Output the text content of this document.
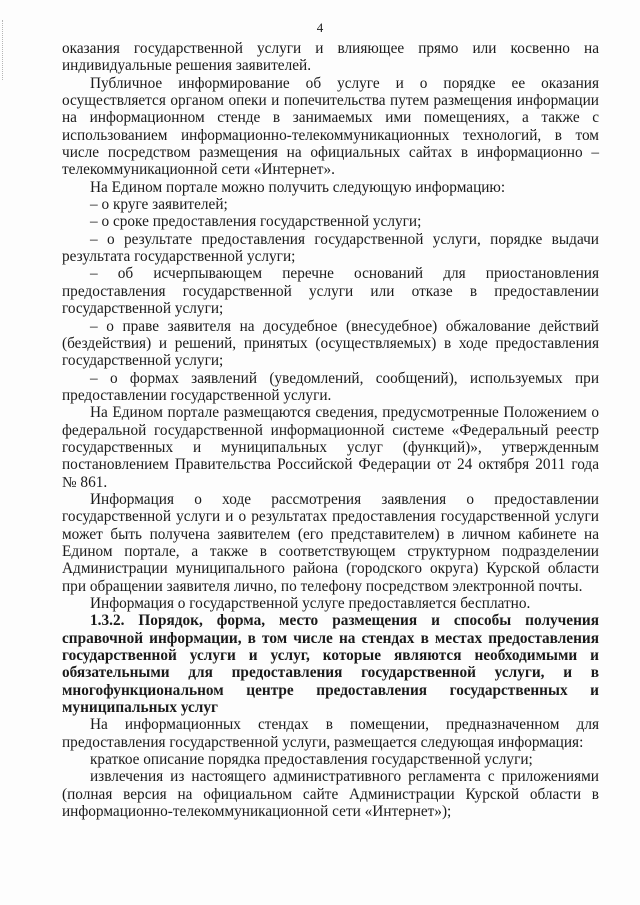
4

оказания государственной услуги и влияющее прямо или косвенно на индивидуальные решения заявителей.

Публичное информирование об услуге и о порядке ее оказания осуществляется органом опеки и попечительства путем размещения информации на информационном стенде в занимаемых ими помещениях, а также с использованием информационно-телекоммуникационных технологий, в том числе посредством размещения на официальных сайтах в информационно – телекоммуникационной сети «Интернет».

На Едином портале можно получить следующую информацию:

– о круге заявителей;

– о сроке предоставления государственной услуги;

– о результате предоставления государственной услуги, порядке выдачи результата государственной услуги;

– об исчерпывающем перечне оснований для приостановления предоставления государственной услуги или отказе в предоставлении государственной услуги;

– о праве заявителя на досудебное (внесудебное) обжалование действий (бездействия) и решений, принятых (осуществляемых) в ходе предоставления государственной услуги;

– о формах заявлений (уведомлений, сообщений), используемых при предоставлении государственной услуги.

На Едином портале размещаются сведения, предусмотренные Положением о федеральной государственной информационной системе «Федеральный реестр государственных и муниципальных услуг (функций)», утвержденным постановлением Правительства Российской Федерации от 24 октября 2011 года № 861.

Информация о ходе рассмотрения заявления о предоставлении государственной услуги и о результатах предоставления государственной услуги может быть получена заявителем (его представителем) в личном кабинете на Едином портале, а также в соответствующем структурном подразделении Администрации муниципального района (городского округа) Курской области при обращении заявителя лично, по телефону посредством электронной почты.

Информация о государственной услуге предоставляется бесплатно.

1.3.2. Порядок, форма, место размещения и способы получения справочной информации, в том числе на стендах в местах предоставления государственной услуги и услуг, которые являются необходимыми и обязательными для предоставления государственной услуги, и в многофункциональном центре предоставления государственных и муниципальных услуг

На информационных стендах в помещении, предназначенном для предоставления государственной услуги, размещается следующая информация:

краткое описание порядка предоставления государственной услуги;

извлечения из настоящего административного регламента с приложениями (полная версия на официальном сайте Администрации Курской области в информационно-телекоммуникационной сети «Интернет»);
